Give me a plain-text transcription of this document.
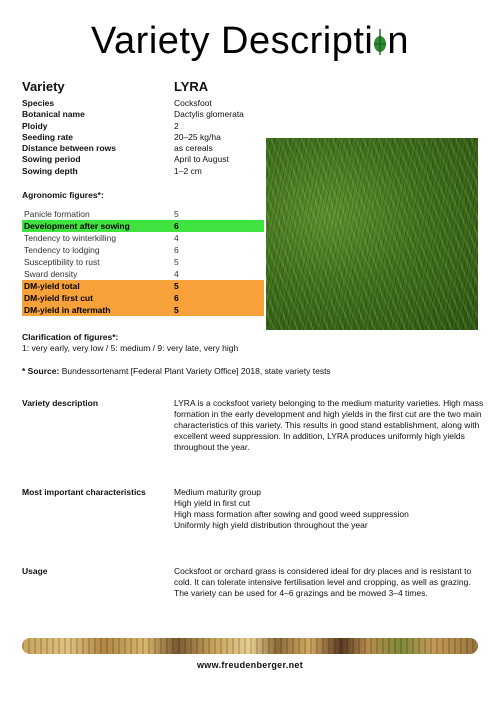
Variety Descripti n
Variety	LYRA
Species	Cocksfoot
Botanical name	Dactylis glomerata
Ploidy	2
Seeding rate	20–25 kg/ha
Distance between rows	as cereals
Sowing period	April to August
Sowing depth	1–2 cm
Agronomic figures*:
Panicle formation	5
Development after sowing	6
Tendency to winterkilling	4
Tendency to lodging	6
Susceptibility to rust	5
Sward density	4
DM-yield total	5
DM-yield first cut	6
DM-yield in aftermath	5
Clarification of figures*:
1: very early, very low / 5: medium / 9: very late, very high
* Source: Bundessortenamt [Federal Plant Variety Office] 2018, state variety tests
Variety description	LYRA is a cocksfoot variety belonging to the medium maturity varieties. High mass formation in the early development and high yields in the first cut are the two main characteristics of this variety. This results in good stand establishment, along with excellent weed suppression. In addition, LYRA produces uniformly high yields throughout the year.
Most important characteristics	Medium maturity group
High yield in first cut
High mass formation after sowing and good weed suppression
Uniformly high yield distribution throughout the year
Usage	Cocksfoot or orchard grass is considered ideal for dry places and is resistant to cold. It can tolerate intensive fertilisation level and cropping, as well as grazing. The variety can be used for 4–6 grazings and be mowed 3–4 times.
www.freudenberger.net
